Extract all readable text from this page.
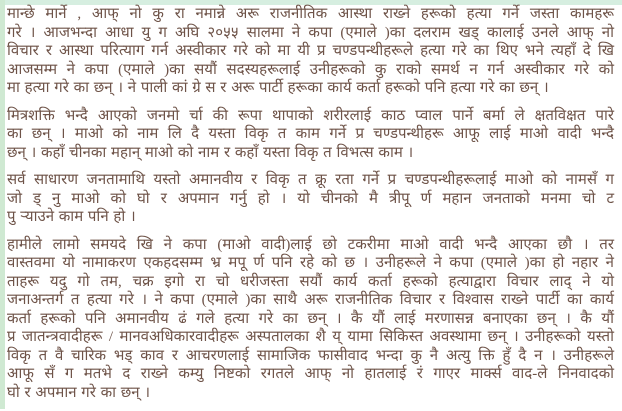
मान्छे मार्ने , आफ् नो कु रा नमान्ने अरू राजनीतिक आस्था राख्ने हरूको हत्या गर्ने जस्ता कामहरू
गरे । आजभन्दा आधा यु ग अघि २०५५ सालमा ने कपा (एमाले )का दलराम खड् कालाई उनले आफ् नो
विचार र आस्था परित्याग गर्न अस्वीकार गरे को मा यी प्र चण्डपन्थीहरूले हत्या गरे का थिए भने त्यहाँ दे खि
आजसम्म ने कपा (एमाले )का सयौं सदस्यहरूलाई उनीहरूको कु राको समर्थ न गर्न अस्वीकार गरे को
मा हत्या गरे का छन् । ने पाली कां ग्रे स र अरू पार्टी हरूका कार्य कर्ता हरूको पनि हत्या गरे का छन् ।
मित्रशक्ति भन्दै आएको जनमो र्चा की रूपा थापाको शरीरलाई काठ प्वाल पार्ने बर्मा ले क्षतविक्षत पारे
का छन् । माओ को नाम लि दै यस्ता विकृ त काम गर्ने प्र चण्डपन्थीहरू आफू लाई माओ वादी भन्दै
छन् । कहाँ चीनका महान् माओ को नाम र कहाँ यस्ता विकृ त विभत्स काम ।
सर्व साधारण जनतामाथि यस्तो अमानवीय र विकृ त क्रू रता गर्ने प्र चण्डपन्थीहरूलाई माओ को नामसँ ग
जो ड् नु माओ को घो र अपमान गर्नु हो । यो चीनको मै त्रीपू र्ण महान जनताको मनमा चो ट
पु ऱ्याउने काम पनि हो ।
हामीले लामो समयदे खि ने कपा (माओ वादी)लाई छो टकरीमा माओ वादी भन्दै आएका छौ । तर
वास्तवमा यो नामाकरण एकहदसम्म भ्र मपू र्ण पनि रहे को छ । उनीहरूले ने कपा (एमाले )का हो नहार ने
ताहरू यदु गो तम, चक्र इगो रा चो धरीजस्ता सयौं कार्य कर्ता हरूको हत्याद्वारा विचार लाद् ने यो
जनाअन्तर्ग त हत्या गरे । ने कपा (एमाले )का साथै अरू राजनीतिक विचार र विश्वास राख्ने पार्टी का कार्य
कर्ता हरूको पनि अमानवीय ढं गले हत्या गरे का छन् । कै यौं लाई मरणासन्न बनाएका छन् । कै यौं
प्र जातन्त्रवादीहरू / मानवअधिकारवादीहरू अस्पतालका शै य् यामा सिकिस्त अवस्थामा छन् । उनीहरूको यस्तो
विकृ त वै चारिक भड् काव र आचरणलाई सामाजिक फासीवाद भन्दा कु नै अत्यु क्ति हुँ दै न । उनीहरूले
आफू सँ ग मतभे द राख्ने कम्यु निष्टको रगतले आफ् नो हातलाई रं गाएर मार्क्स वाद-ले निनवादको
घो र अपमान गरे का छन् ।
